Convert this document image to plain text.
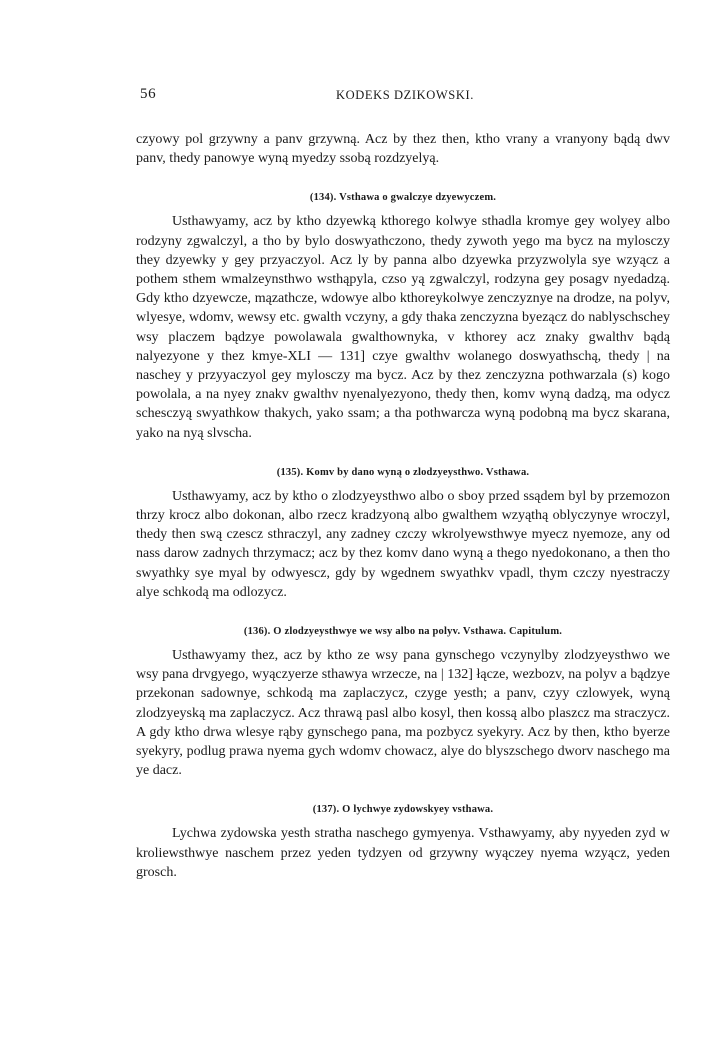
56	KODEKS DZIKOWSKI.

czyowy pol grzywny a panv grzywną. Acz by thez then, ktho vrany a vranyony bądą dwv panv, thedy panowye wyną myedzy ssobą rozdzyelyą.

(134). Vsthawa o gwalczye dzyewyczem.

Usthawyamy, acz by ktho dzyewką kthorego kolwye sthadla kromye gey wolyey albo rodzyny zgwalczyl, a tho by bylo doswyathczono, thedy zywoth yego ma bycz na mylosczy they dzyewky y gey przyaczyol. Acz ly by panna albo dzyewka przyzwolyla sye wzyącz a pothem sthem wmalzeynsthwo wsthąpyla, czso yą zgwalczyl, rodzyna gey posagv nyedadzą. Gdy ktho dzyewcze, mązathcze, wdowye albo kthoreykolwye zenczyznye na drodze, na polyv, wlyesye, wdomv, wewsy etc. gwalth vczyny, a gdy thaka zenczyzna byeząсz do nablyschschey wsy placzem bądzye powolawala gwalthownyka, v kthorey acz znaky gwalthv bądą nalyezyone y thez kmye-XLI — 131] czye gwalthv wolanego doswyathschą, thedy | na naschey y przyyaczyol gey mylosczy ma bycz. Acz by thez zenczyzna pothwarzala (s) kogo powolala, a na nyey znakv gwalthv nyenalyezyono, thedy then, komv wyną dadzą, ma odycz schesczyą swyathkow thakych, yako ssam; a tha pothwarcza wyną podobną ma bycz skarana, yako na nyą slvscha.

(135). Komv by dano wyną o zlodzyeysthwo. Vsthawa.

Usthawyamy, acz by ktho o zlodzyeysthwo albo o sboy przed ssądem byl by przemozon thrzy krocz albo dokonan, albo rzecz kradzyoną albo gwalthem wzyąthą oblyczynye wroczyl, thedy then swą czescz sthraczyl, any zadney czczy wkrolyewsthwye myecz nyemoze, any od nass darow zadnych thrzymacz; acz by thez komv dano wyną a thego nyedokonano, a then tho swyathky sye myal by odwyescz, gdy by wgednem swyathkv vpadl, thym czczy nyestraczy alye schkodą ma odlozycz.

(136). O zlodzyeysthwye we wsy albo na polyv. Vsthawa. Capitulum.

Usthawyamy thez, acz by ktho ze wsy pana gynschego vczynylby zlodzyeysthwo we wsy pana drvgyego, wyączyerze sthawya wrzecze, na | 132] łącze, wezbozv, na polyv a bądzye przekonan sadownye, schkodą ma zaplaczycz, czyge yesth; a panv, czyy czlowyek, wyną zlodzyeyską ma zaplaczycz. Acz thrawą pasl albo kosyl, then kossą albo plaszcz ma straczycz. A gdy ktho drwa wlesye rąby gynschego pana, ma pozbycz syekyry. Acz by then, ktho byerze syekyry, podlug prawa nyema gych wdomv chowacz, alye do blyszschego dworv naschego ma ye dacz.

(137). O lychwye zydowskyey vsthawa.

Lychwa zydowska yesth stratha naschego gymyenya. Vsthawyamy, aby nyyeden zyd w kroliewsthwye naschem przez yeden tydzyen od grzywny wyączey nyema wzyącz, yeden grosch.
